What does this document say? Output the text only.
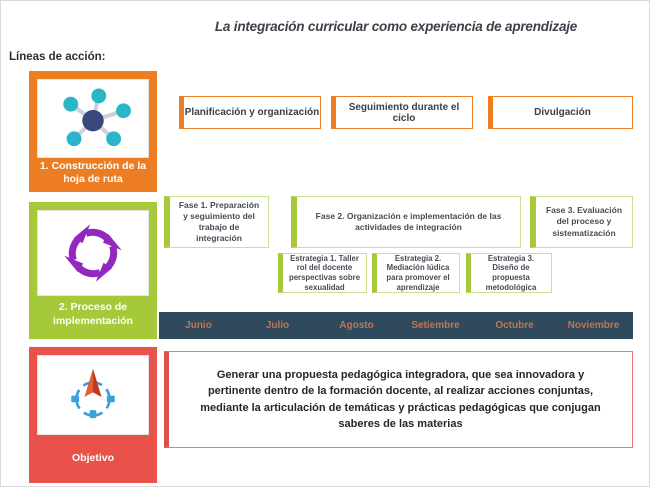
La integración curricular como experiencia de aprendizaje
Líneas de acción:
1. Construcción de la hoja de ruta
2. Proceso de implementación
Objetivo
Planificación y organización	Seguimiento durante el ciclo	Divulgación
Fase 1. Preparación y seguimiento del trabajo de integración
Fase 2. Organización e implementación de las actividades de integración
Fase 3. Evaluación del proceso y sistematización
Estrategia 1. Taller rol del docente perspectivas sobre sexualidad
Estrategia 2. Mediación lúdica para promover el aprendizaje
Estrategia 3. Diseño de propuesta metodológica
Junio	Julio	Agosto	Setiembre	Octubre	Noviembre
Generar una propuesta pedagógica integradora, que sea innovadora y pertinente dentro de la formación docente, al realizar acciones conjuntas, mediante la articulación de temáticas y prácticas pedagógicas que conjugan saberes de las materias
